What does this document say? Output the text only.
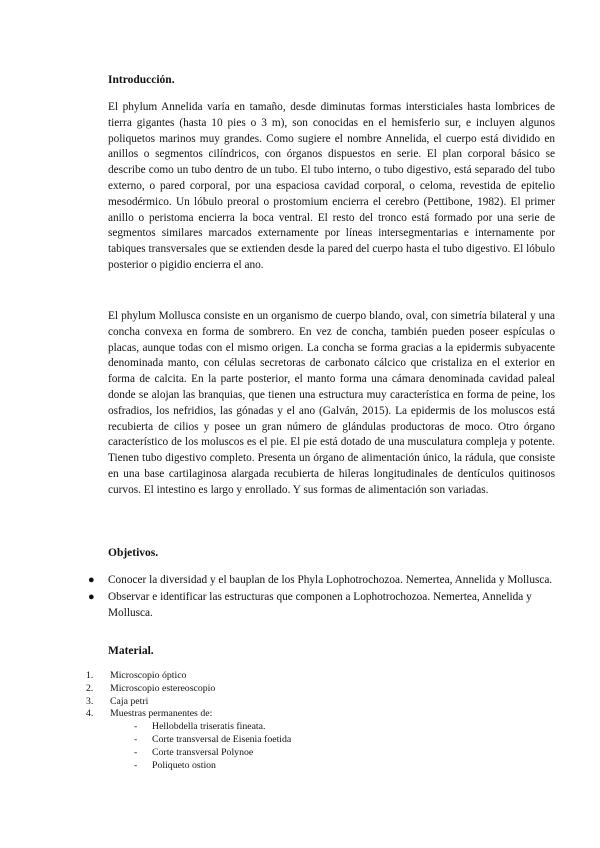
Introducción.

El phylum Annelida varía en tamaño, desde diminutas formas intersticiales hasta lombrices de tierra gigantes (hasta 10 pies o 3 m), son conocidas en el hemisferio sur, e incluyen algunos poliquetos marinos muy grandes. Como sugiere el nombre Annelida, el cuerpo está dividido en anillos o segmentos cilíndricos, con órganos dispuestos en serie. El plan corporal básico se describe como un tubo dentro de un tubo. El tubo interno, o tubo digestivo, está separado del tubo externo, o pared corporal, por una espaciosa cavidad corporal, o celoma, revestida de epitelio mesodérmico. Un lóbulo preoral o prostomium encierra el cerebro (Pettibone, 1982). El primer anillo o peristoma encierra la boca ventral. El resto del tronco está formado por una serie de segmentos similares marcados externamente por líneas intersegmentarias e internamente por tabiques transversales que se extienden desde la pared del cuerpo hasta el tubo digestivo. El lóbulo posterior o pigidio encierra el ano.

El phylum Mollusca consiste en un organismo de cuerpo blando, oval, con simetría bilateral y una concha convexa en forma de sombrero. En vez de concha, también pueden poseer espículas o placas, aunque todas con el mismo origen. La concha se forma gracias a la epidermis subyacente denominada manto, con células secretoras de carbonato cálcico que cristaliza en el exterior en forma de calcita. En la parte posterior, el manto forma una cámara denominada cavidad paleal donde se alojan las branquias, que tienen una estructura muy característica en forma de peine, los osfradios, los nefridios, las gónadas y el ano (Galván, 2015). La epidermis de los moluscos está recubierta de cilios y posee un gran número de glándulas productoras de moco. Otro órgano característico de los moluscos es el pie. El pie está dotado de una musculatura compleja y potente. Tienen tubo digestivo completo. Presenta un órgano de alimentación único, la rádula, que consiste en una base cartilaginosa alargada recubierta de hileras longitudinales de dentículos quitinosos curvos. El intestino es largo y enrollado. Y sus formas de alimentación son variadas.

Objetivos.
● Conocer la diversidad y el bauplan de los Phyla Lophotrochozoa. Nemertea, Annelida y Mollusca.
● Observar e identificar las estructuras que componen a Lophotrochozoa. Nemertea, Annelida y Mollusca.
Material.
1. Microscopio óptico
2. Microscopio estereoscopio
3. Caja petri
4. Muestras permanentes de:
- Hellobdella triseratis fineata.
- Corte transversal de Eisenia foetida
- Corte transversal Polynoe
- Poliqueto ostion
